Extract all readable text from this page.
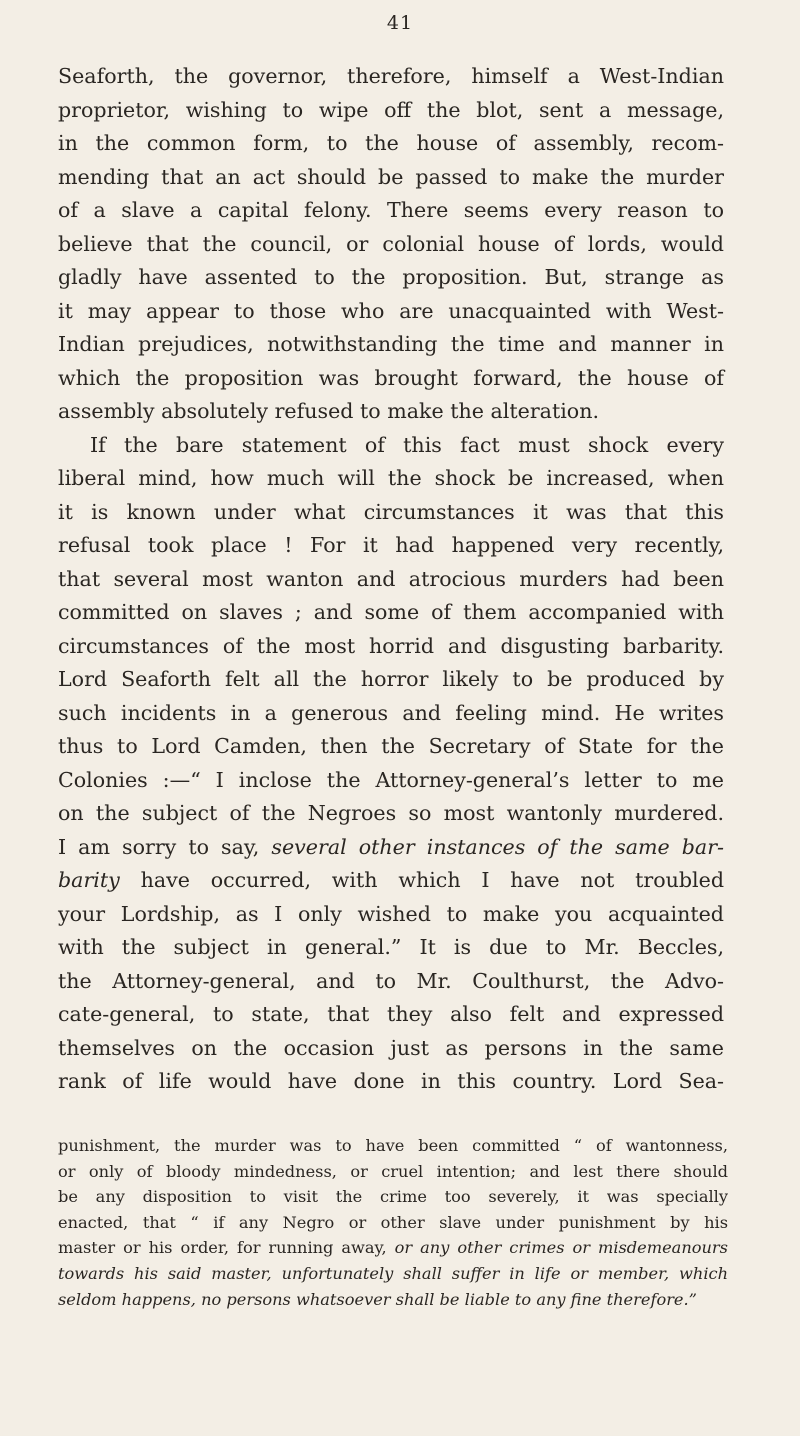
41
Seaforth, the governor, therefore, himself a West-Indian
proprietor, wishing to wipe off the blot, sent a message,
in the common form, to the house of assembly, recom-
mending that an act should be passed to make the murder
of a slave a capital felony. There seems every reason to
believe that the council, or colonial house of lords, would
gladly have assented to the proposition. But, strange as
it may appear to those who are unacquainted with West-
Indian prejudices, notwithstanding the time and manner in
which the proposition was brought forward, the house of
assembly absolutely refused to make the alteration.
If the bare statement of this fact must shock every
liberal mind, how much will the shock be increased, when
it is known under what circumstances it was that this
refusal took place ! For it had happened very recently,
that several most wanton and atrocious murders had been
committed on slaves ; and some of them accompanied with
circumstances of the most horrid and disgusting barbarity.
Lord Seaforth felt all the horror likely to be produced by
such incidents in a generous and feeling mind. He writes
thus to Lord Camden, then the Secretary of State for the
Colonies :—“ I inclose the Attorney-general’s letter to me
on the subject of the Negroes so most wantonly murdered.
I am sorry to say, several other instances of the same bar-
barity have occurred, with which I have not troubled
your Lordship, as I only wished to make you acquainted
with the subject in general.” It is due to Mr. Beccles,
the Attorney-general, and to Mr. Coulthurst, the Advo-
cate-general, to state, that they also felt and expressed
themselves on the occasion just as persons in the same
rank of life would have done in this country. Lord Sea-
punishment, the murder was to have been committed “ of wantonness,
or only of bloody mindedness, or cruel intention; and lest there should
be any disposition to visit the crime too severely, it was specially
enacted, that “ if any Negro or other slave under punishment by his
master or his order, for running away, or any other crimes or misdemeanours
towards his said master, unfortunately shall suffer in life or member, which
seldom happens, no persons whatsoever shall be liable to any fine therefore.”
